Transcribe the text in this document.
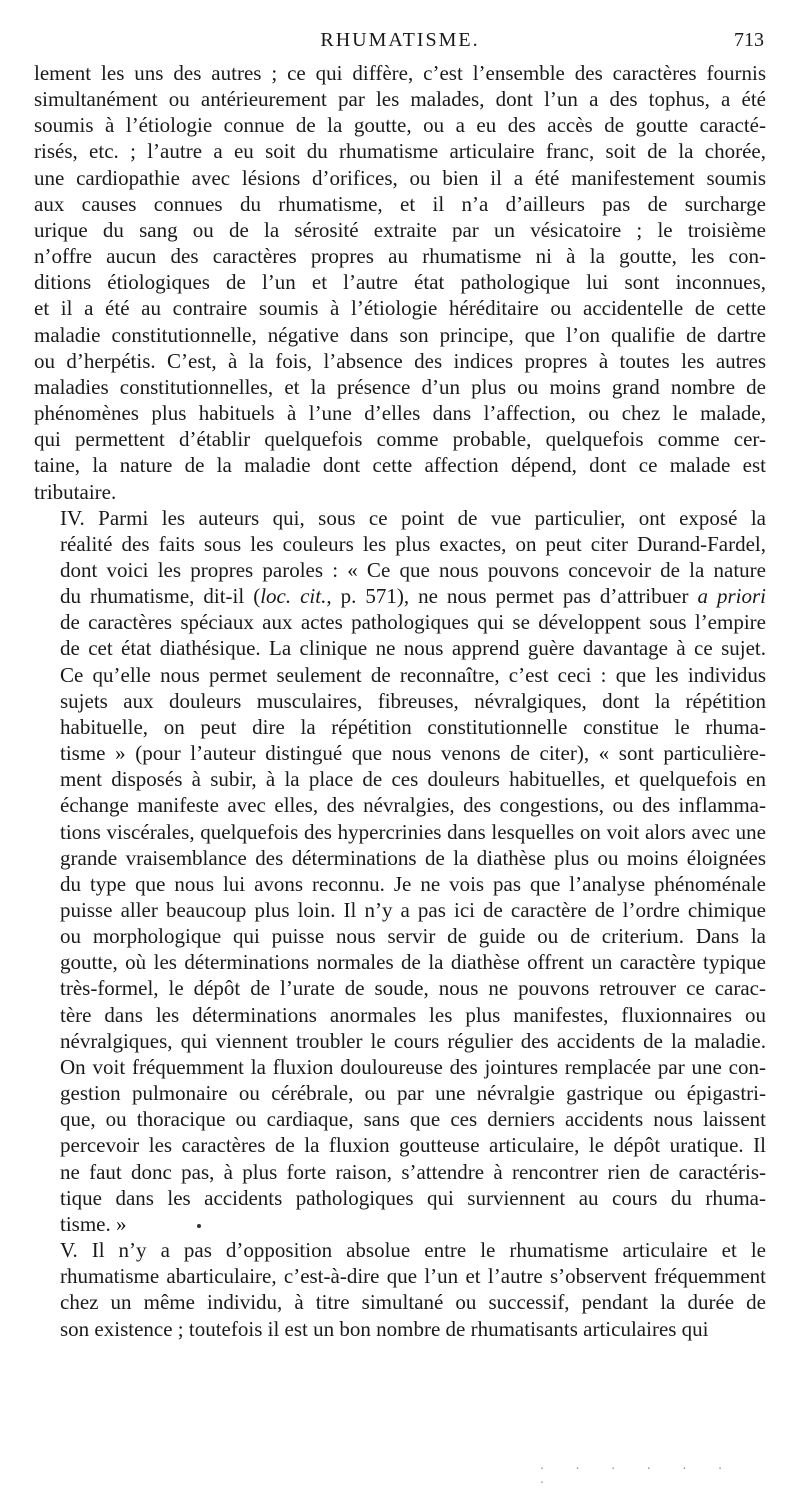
RHUMATISME.	713

lement les uns des autres ; ce qui diffère, c’est l’ensemble des caractères fournis
simultanément ou antérieurement par les malades, dont l’un a des tophus, a été
soumis à l’étiologie connue de la goutte, ou a eu des accès de goutte caracté-
risés, etc. ; l’autre a eu soit du rhumatisme articulaire franc, soit de la chorée,
une cardiopathie avec lésions d’orifices, ou bien il a été manifestement soumis
aux causes connues du rhumatisme, et il n’a d’ailleurs pas de surcharge
urique du sang ou de la sérosité extraite par un vésicatoire ; le troisième
n’offre aucun des caractères propres au rhumatisme ni à la goutte, les con-
ditions étiologiques de l’un et l’autre état pathologique lui sont inconnues,
et il a été au contraire soumis à l’étiologie héréditaire ou accidentelle de cette
maladie constitutionnelle, négative dans son principe, que l’on qualifie de dartre
ou d’herpétis. C’est, à la fois, l’absence des indices propres à toutes les autres
maladies constitutionnelles, et la présence d’un plus ou moins grand nombre de
phénomènes plus habituels à l’une d’elles dans l’affection, ou chez le malade,
qui permettent d’établir quelquefois comme probable, quelquefois comme cer-
taine, la nature de la maladie dont cette affection dépend, dont ce malade est
tributaire.

IV. Parmi les auteurs qui, sous ce point de vue particulier, ont exposé la
réalité des faits sous les couleurs les plus exactes, on peut citer Durand-Fardel,
dont voici les propres paroles : « Ce que nous pouvons concevoir de la nature
du rhumatisme, dit-il (loc. cit., p. 571), ne nous permet pas d’attribuer a priori
de caractères spéciaux aux actes pathologiques qui se développent sous l’empire
de cet état diathésique. La clinique ne nous apprend guère davantage à ce sujet.
Ce qu’elle nous permet seulement de reconnaître, c’est ceci : que les individus
sujets aux douleurs musculaires, fibreuses, névralgiques, dont la répétition
habituelle, on peut dire la répétition constitutionnelle constitue le rhuma-
tisme » (pour l’auteur distingué que nous venons de citer), « sont particulière-
ment disposés à subir, à la place de ces douleurs habituelles, et quelquefois en
échange manifeste avec elles, des névralgies, des congestions, ou des inflamma-
tions viscérales, quelquefois des hypercrinies dans lesquelles on voit alors avec une
grande vraisemblance des déterminations de la diathèse plus ou moins éloignées
du type que nous lui avons reconnu. Je ne vois pas que l’analyse phénoménale
puisse aller beaucoup plus loin. Il n’y a pas ici de caractère de l’ordre chimique
ou morphologique qui puisse nous servir de guide ou de criterium. Dans la
goutte, où les déterminations normales de la diathèse offrent un caractère typique
très-formel, le dépôt de l’urate de soude, nous ne pouvons retrouver ce carac-
tère dans les déterminations anormales les plus manifestes, fluxionnaires ou
névralgiques, qui viennent troubler le cours régulier des accidents de la maladie.
On voit fréquemment la fluxion douloureuse des jointures remplacée par une con-
gestion pulmonaire ou cérébrale, ou par une névralgie gastrique ou épigastri-
que, ou thoracique ou cardiaque, sans que ces derniers accidents nous laissent
percevoir les caractères de la fluxion goutteuse articulaire, le dépôt uratique. Il
ne faut donc pas, à plus forte raison, s’attendre à rencontrer rien de caractéris-
tique dans les accidents pathologiques qui surviennent au cours du rhuma-
tisme. »

V. Il n’y a pas d’opposition absolue entre le rhumatisme articulaire et le
rhumatisme abarticulaire, c’est-à-dire que l’un et l’autre s’observent fréquemment
chez un même individu, à titre simultané ou successif, pendant la durée de
son existence ; toutefois il est un bon nombre de rhumatisants articulaires qui

. . . . . . .
